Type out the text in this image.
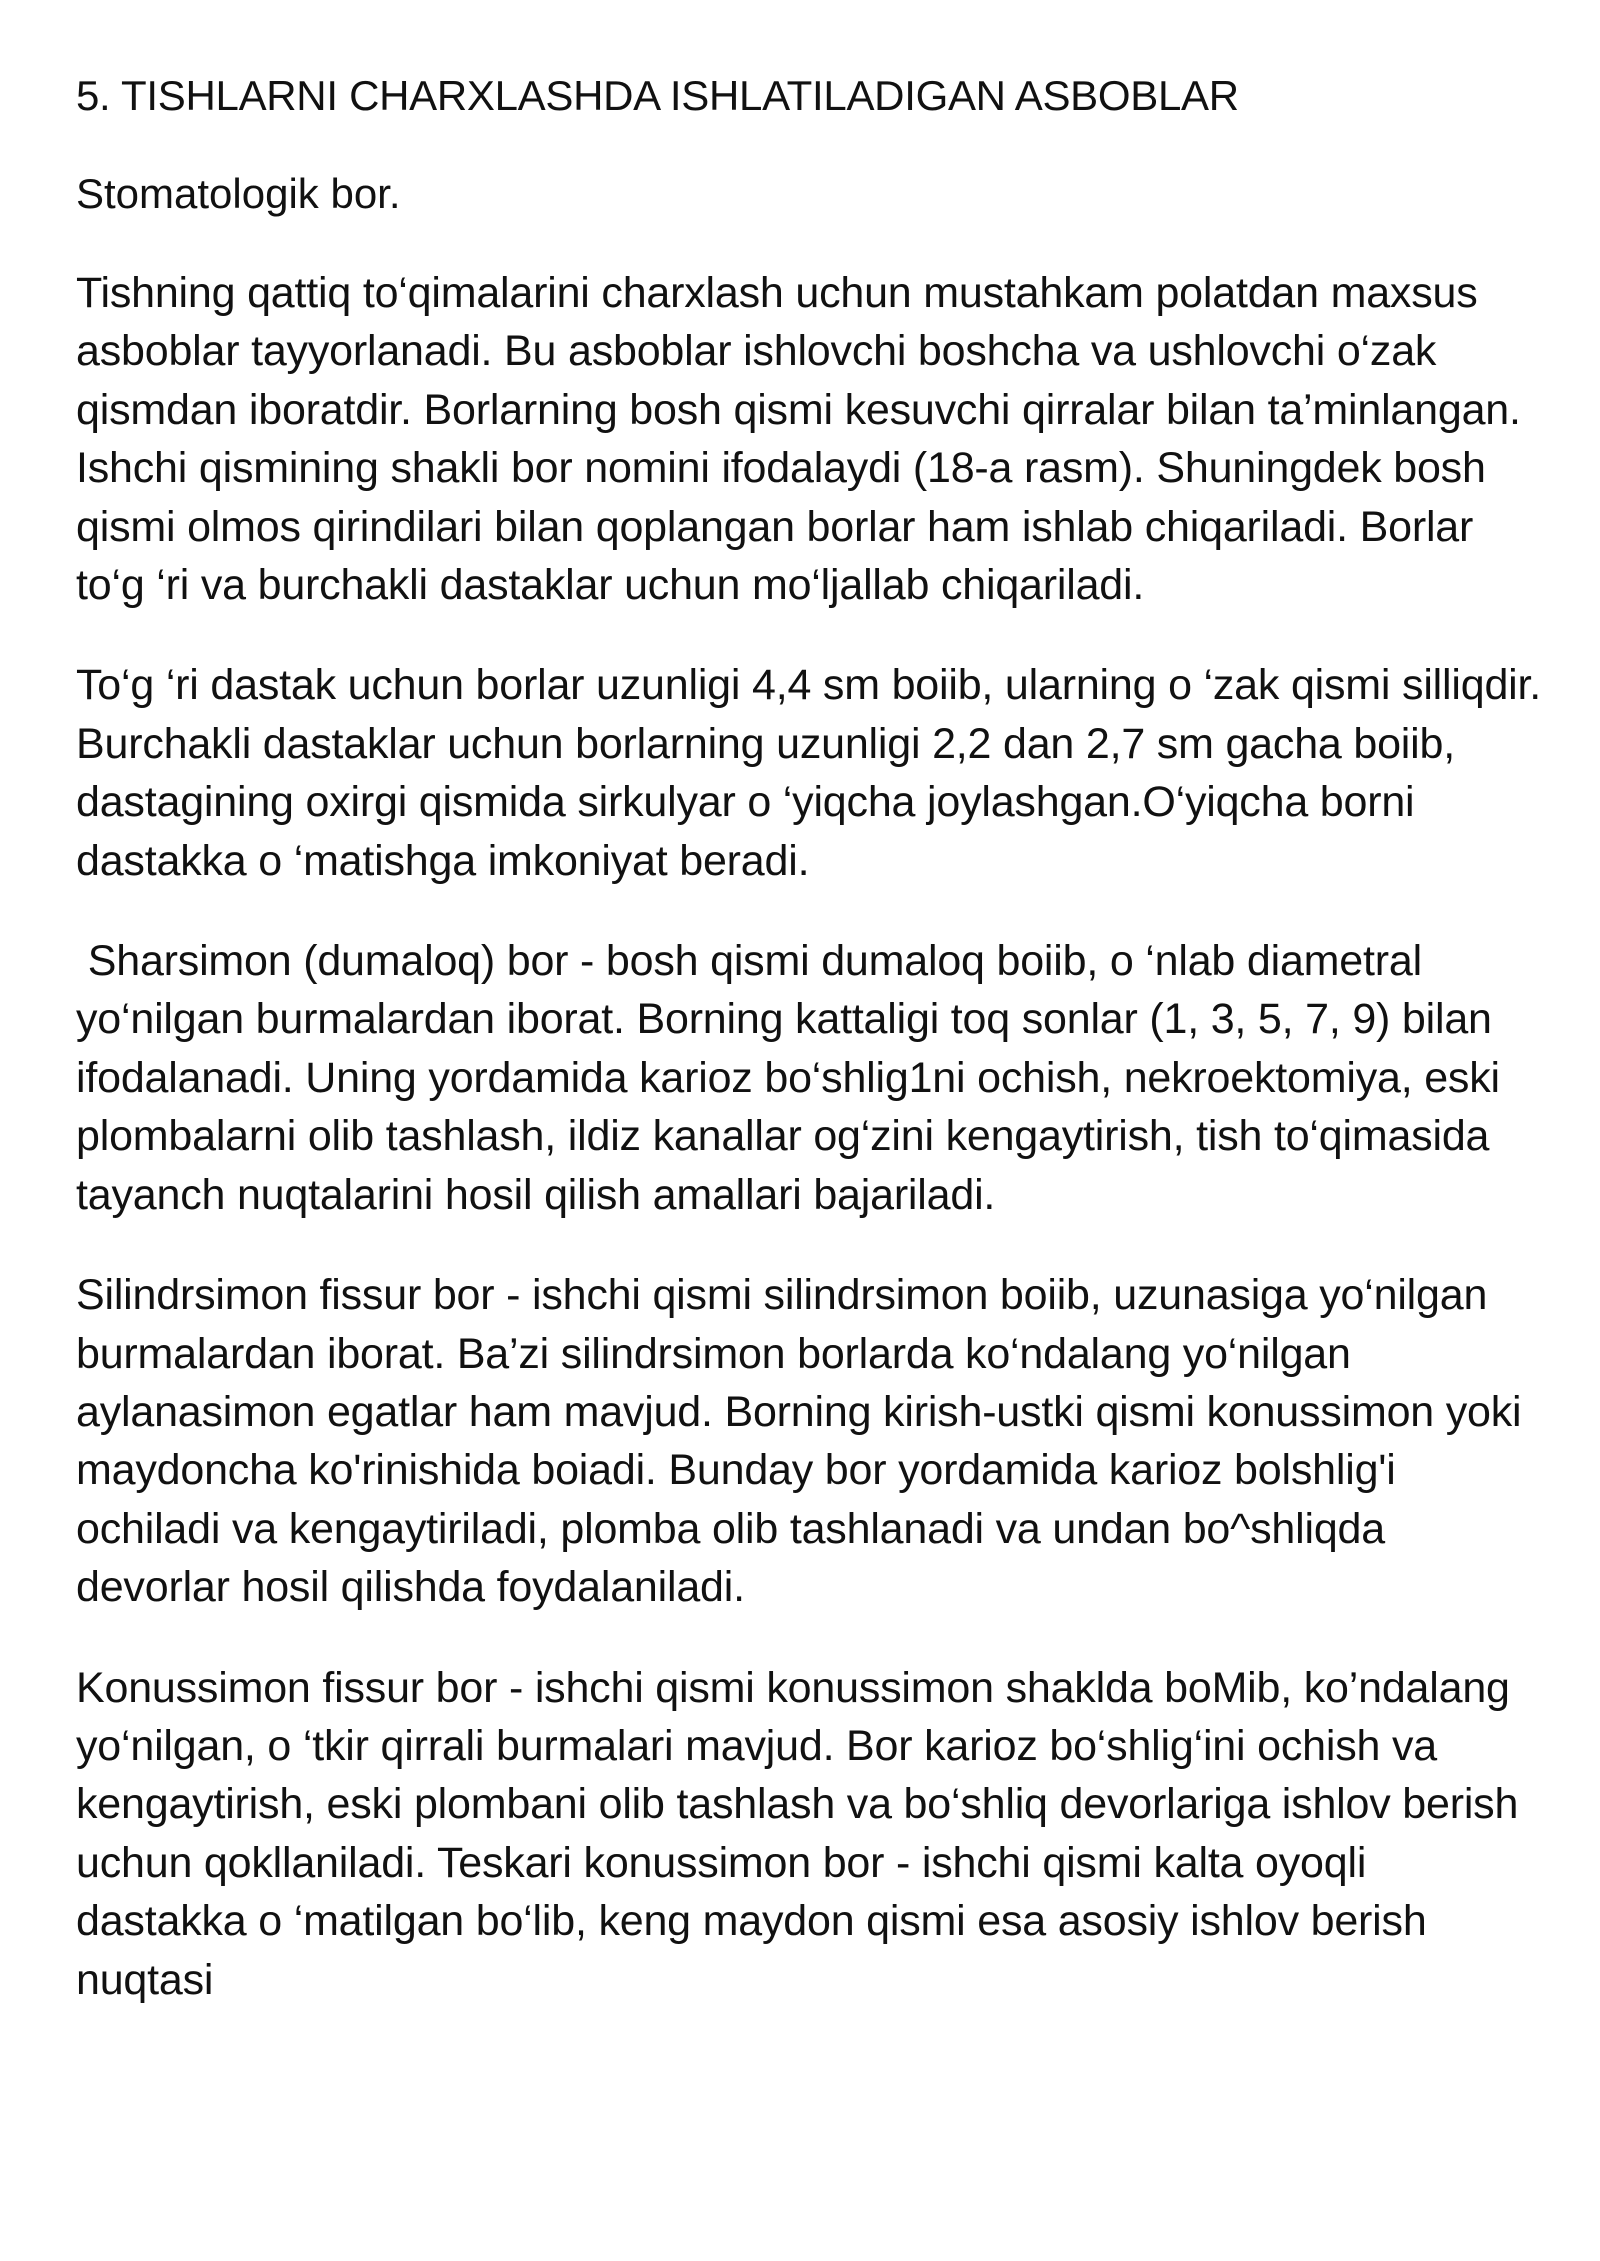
5. TISHLARNI CHARXLASHDA ISHLATILADIGAN ASBOBLAR

Stomatologik bor.

Tishning qattiq to‘qimalarini charxlash uchun mustahkam polatdan maxsus asboblar tayyorlanadi. Bu asboblar ishlovchi boshcha va ushlovchi o‘zak qismdan iboratdir. Borlarning bosh qismi kesuvchi qirralar bilan ta’minlangan. Ishchi qismining shakli bor nomini ifodalaydi (18-a rasm). Shuningdek bosh qismi olmos qirindilari bilan qoplangan borlar ham ishlab chiqariladi. Borlar to‘g ‘ri va burchakli dastaklar uchun mo‘ljallab chiqariladi.

To‘g ‘ri dastak uchun borlar uzunligi 4,4 sm boiib, ularning o ‘zak qismi silliqdir. Burchakli dastaklar uchun borlarning uzunligi 2,2 dan 2,7 sm gacha boiib, dastagining oxirgi qismida sirkulyar o ‘yiqcha joylashgan.O‘yiqcha borni dastakka o ‘matishga imkoniyat beradi.

Sharsimon (dumaloq) bor - bosh qismi dumaloq boiib, o ‘nlab diametral yo‘nilgan burmalardan iborat. Borning kattaligi toq sonlar (1, 3, 5, 7, 9) bilan ifodalanadi. Uning yordamida karioz bo‘shlig1ni ochish, nekroektomiya, eski plombalarni olib tashlash, ildiz kanallar og‘zini kengaytirish, tish to‘qimasida tayanch nuqtalarini hosil qilish amallari bajariladi.

Silindrsimon fissur bor - ishchi qismi silindrsimon boiib, uzunasiga yo‘nilgan burmalardan iborat. Ba’zi silindrsimon borlarda ko‘ndalang yo‘nilgan aylanasimon egatlar ham mavjud. Borning kirish-ustki qismi konussimon yoki maydoncha ko'rinishida boiadi. Bunday bor yordamida karioz bolshlig'i ochiladi va kengaytiriladi, plomba olib tashlanadi va undan bo^shliqda devorlar hosil qilishda foydalaniladi.

Konussimon fissur bor - ishchi qismi konussimon shaklda boMib, ko’ndalang yo‘nilgan, o ‘tkir qirrali burmalari mavjud. Bor karioz bo‘shlig‘ini ochish va kengaytirish, eski plombani olib tashlash va bo‘shliq devorlariga ishlov berish uchun qokllaniladi. Teskari konussimon bor - ishchi qismi kalta oyoqli dastakka o ‘matilgan bo‘lib, keng maydon qismi esa asosiy ishlov berish nuqtasi
